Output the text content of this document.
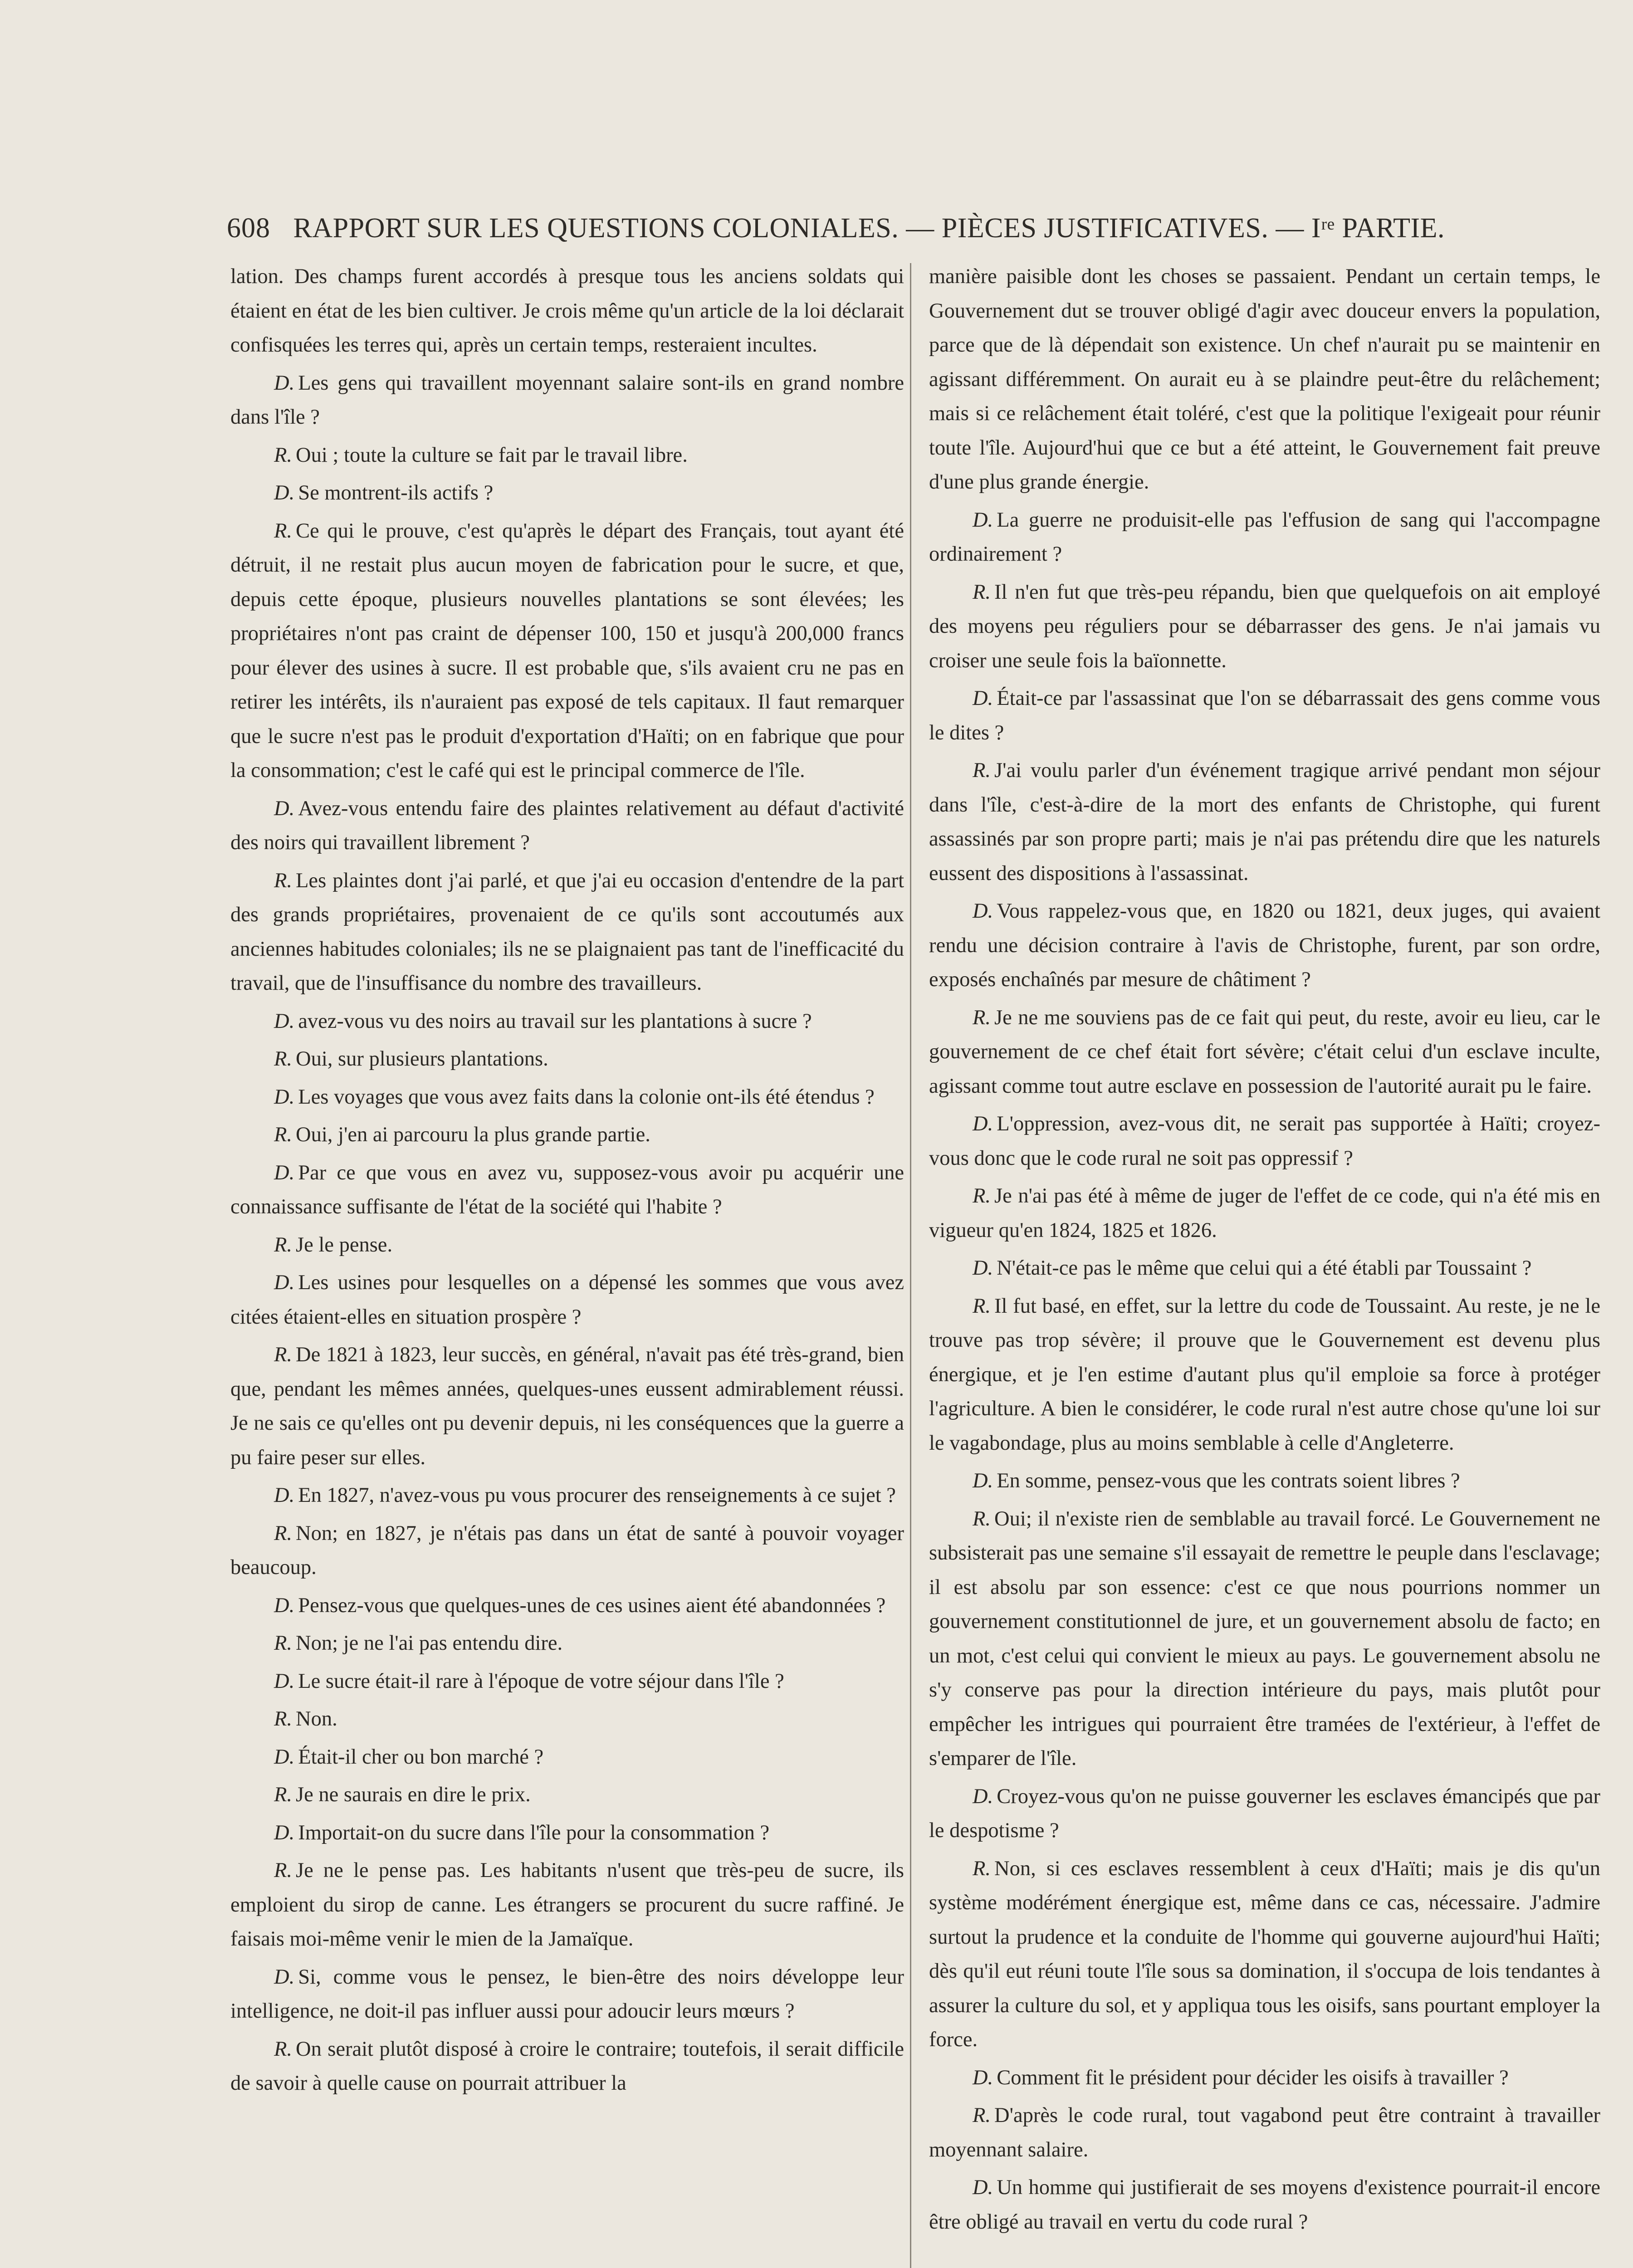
608 RAPPORT SUR LES QUESTIONS COLONIALES. — PIÈCES JUSTIFICATIVES. — Iʳᵉ PARTIE.

lation. Des champs furent accordés à presque tous les anciens soldats qui étaient en état de les bien cultiver. Je crois même qu'un article de la loi déclarait confisquées les terres qui, après un certain temps, resteraient incultes.

D. Les gens qui travaillent moyennant salaire sont-ils en grand nombre dans l'île ?

R. Oui ; toute la culture se fait par le travail libre.

D. Se montrent-ils actifs ?

R. Ce qui le prouve, c'est qu'après le départ des Français, tout ayant été détruit, il ne restait plus aucun moyen de fabrication pour le sucre, et que, depuis cette époque, plusieurs nouvelles plantations se sont élevées; les propriétaires n'ont pas craint de dépenser 100, 150 et jusqu'à 200,000 francs pour élever des usines à sucre. Il est probable que, s'ils avaient cru ne pas en retirer les intérêts, ils n'auraient pas exposé de tels capitaux. Il faut remarquer que le sucre n'est pas le produit d'exportation d'Haïti; on en fabrique que pour la consommation; c'est le café qui est le principal commerce de l'île.

D. Avez-vous entendu faire des plaintes relativement au défaut d'activité des noirs qui travaillent librement ?

R. Les plaintes dont j'ai parlé, et que j'ai eu occasion d'entendre de la part des grands propriétaires, provenaient de ce qu'ils sont accoutumés aux anciennes habitudes coloniales; ils ne se plaignaient pas tant de l'inefficacité du travail, que de l'insuffisance du nombre des travailleurs.

D. avez-vous vu des noirs au travail sur les plantations à sucre ?

R. Oui, sur plusieurs plantations.

D. Les voyages que vous avez faits dans la colonie ont-ils été étendus ?

R. Oui, j'en ai parcouru la plus grande partie.

D. Par ce que vous en avez vu, supposez-vous avoir pu acquérir une connaissance suffisante de l'état de la société qui l'habite ?

R. Je le pense.

D. Les usines pour lesquelles on a dépensé les sommes que vous avez citées étaient-elles en situation prospère ?

R. De 1821 à 1823, leur succès, en général, n'avait pas été très-grand, bien que, pendant les mêmes années, quelques-unes eussent admirablement réussi. Je ne sais ce qu'elles ont pu devenir depuis, ni les conséquences que la guerre a pu faire peser sur elles.

D. En 1827, n'avez-vous pu vous procurer des renseignements à ce sujet ?

R. Non; en 1827, je n'étais pas dans un état de santé à pouvoir voyager beaucoup.

D. Pensez-vous que quelques-unes de ces usines aient été abandonnées ?

R. Non; je ne l'ai pas entendu dire.

D. Le sucre était-il rare à l'époque de votre séjour dans l'île ?

R. Non.

D. Était-il cher ou bon marché ?

R. Je ne saurais en dire le prix.

D. Importait-on du sucre dans l'île pour la consommation ?

R. Je ne le pense pas. Les habitants n'usent que très-peu de sucre, ils emploient du sirop de canne. Les étrangers se procurent du sucre raffiné. Je faisais moi-même venir le mien de la Jamaïque.

D. Si, comme vous le pensez, le bien-être des noirs développe leur intelligence, ne doit-il pas influer aussi pour adoucir leurs mœurs ?

R. On serait plutôt disposé à croire le contraire; toutefois, il serait difficile de savoir à quelle cause on pourrait attribuer la

manière paisible dont les choses se passaient. Pendant un certain temps, le Gouvernement dut se trouver obligé d'agir avec douceur envers la population, parce que de là dépendait son existence. Un chef n'aurait pu se maintenir en agissant différemment. On aurait eu à se plaindre peut-être du relâchement; mais si ce relâchement était toléré, c'est que la politique l'exigeait pour réunir toute l'île. Aujourd'hui que ce but a été atteint, le Gouvernement fait preuve d'une plus grande énergie.

D. La guerre ne produisit-elle pas l'effusion de sang qui l'accompagne ordinairement ?

R. Il n'en fut que très-peu répandu, bien que quelquefois on ait employé des moyens peu réguliers pour se débarrasser des gens. Je n'ai jamais vu croiser une seule fois la baïonnette.

D. Était-ce par l'assassinat que l'on se débarrassait des gens comme vous le dites ?

R. J'ai voulu parler d'un événement tragique arrivé pendant mon séjour dans l'île, c'est-à-dire de la mort des enfants de Christophe, qui furent assassinés par son propre parti; mais je n'ai pas prétendu dire que les naturels eussent des dispositions à l'assassinat.

D. Vous rappelez-vous que, en 1820 ou 1821, deux juges, qui avaient rendu une décision contraire à l'avis de Christophe, furent, par son ordre, exposés enchaînés par mesure de châtiment ?

R. Je ne me souviens pas de ce fait qui peut, du reste, avoir eu lieu, car le gouvernement de ce chef était fort sévère; c'était celui d'un esclave inculte, agissant comme tout autre esclave en possession de l'autorité aurait pu le faire.

D. L'oppression, avez-vous dit, ne serait pas supportée à Haïti; croyez-vous donc que le code rural ne soit pas oppressif ?

R. Je n'ai pas été à même de juger de l'effet de ce code, qui n'a été mis en vigueur qu'en 1824, 1825 et 1826.

D. N'était-ce pas le même que celui qui a été établi par Toussaint ?

R. Il fut basé, en effet, sur la lettre du code de Toussaint. Au reste, je ne le trouve pas trop sévère; il prouve que le Gouvernement est devenu plus énergique, et je l'en estime d'autant plus qu'il emploie sa force à protéger l'agriculture. A bien le considérer, le code rural n'est autre chose qu'une loi sur le vagabondage, plus au moins semblable à celle d'Angleterre.

D. En somme, pensez-vous que les contrats soient libres ?

R. Oui; il n'existe rien de semblable au travail forcé. Le Gouvernement ne subsisterait pas une semaine s'il essayait de remettre le peuple dans l'esclavage; il est absolu par son essence: c'est ce que nous pourrions nommer un gouvernement constitutionnel de jure, et un gouvernement absolu de facto; en un mot, c'est celui qui convient le mieux au pays. Le gouvernement absolu ne s'y conserve pas pour la direction intérieure du pays, mais plutôt pour empêcher les intrigues qui pourraient être tramées de l'extérieur, à l'effet de s'emparer de l'île.

D. Croyez-vous qu'on ne puisse gouverner les esclaves émancipés que par le despotisme ?

R. Non, si ces esclaves ressemblent à ceux d'Haïti; mais je dis qu'un système modérément énergique est, même dans ce cas, nécessaire. J'admire surtout la prudence et la conduite de l'homme qui gouverne aujourd'hui Haïti; dès qu'il eut réuni toute l'île sous sa domination, il s'occupa de lois tendantes à assurer la culture du sol, et y appliqua tous les oisifs, sans pourtant employer la force.

D. Comment fit le président pour décider les oisifs à travailler ?

R. D'après le code rural, tout vagabond peut être contraint à travailler moyennant salaire.

D. Un homme qui justifierait de ses moyens d'existence pourrait-il encore être obligé au travail en vertu du code rural ?
